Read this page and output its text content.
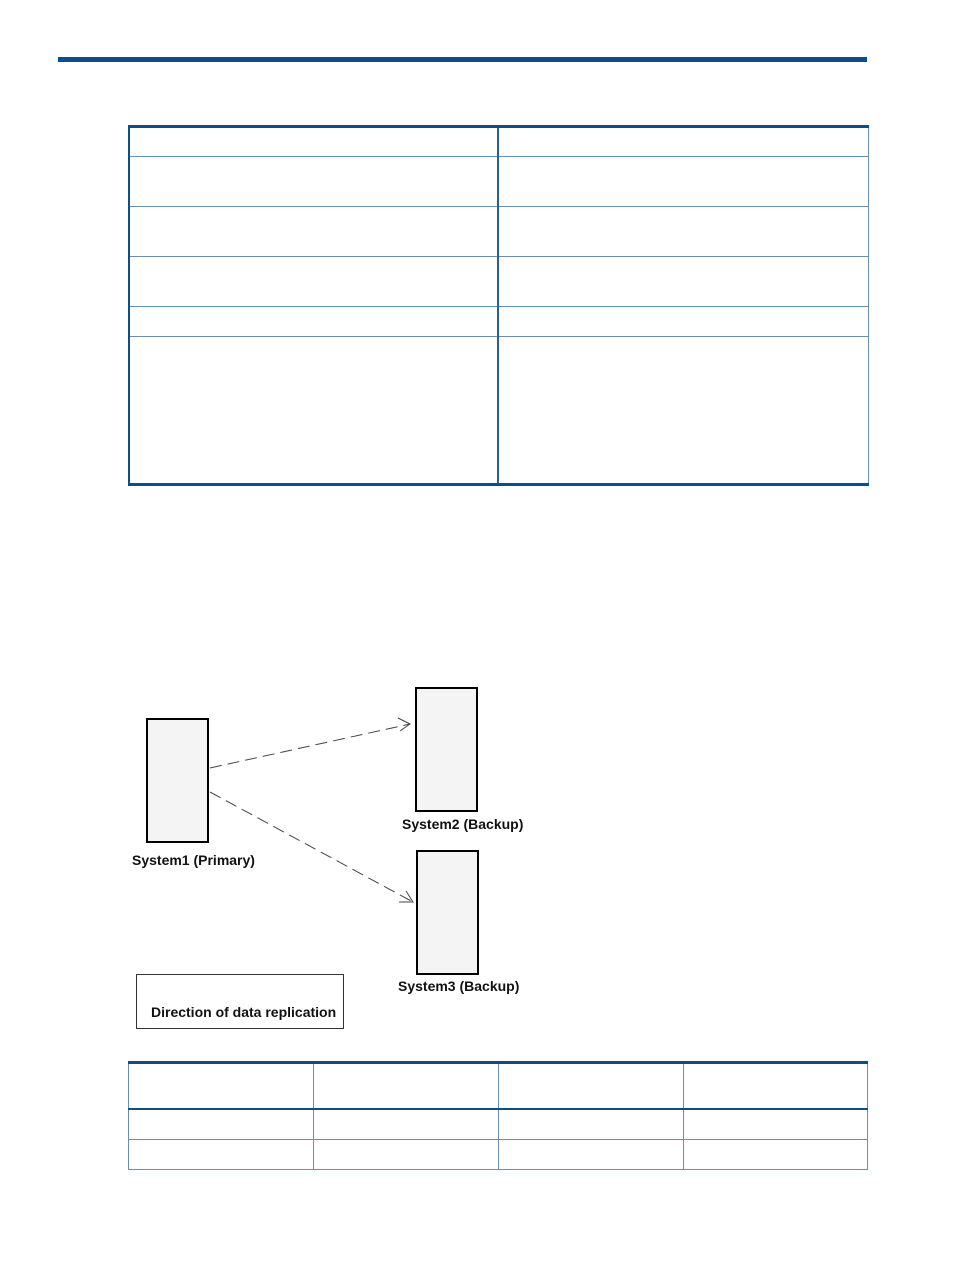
System1 (Primary)
System2 (Backup)
System3 (Backup)
Direction of data replication
